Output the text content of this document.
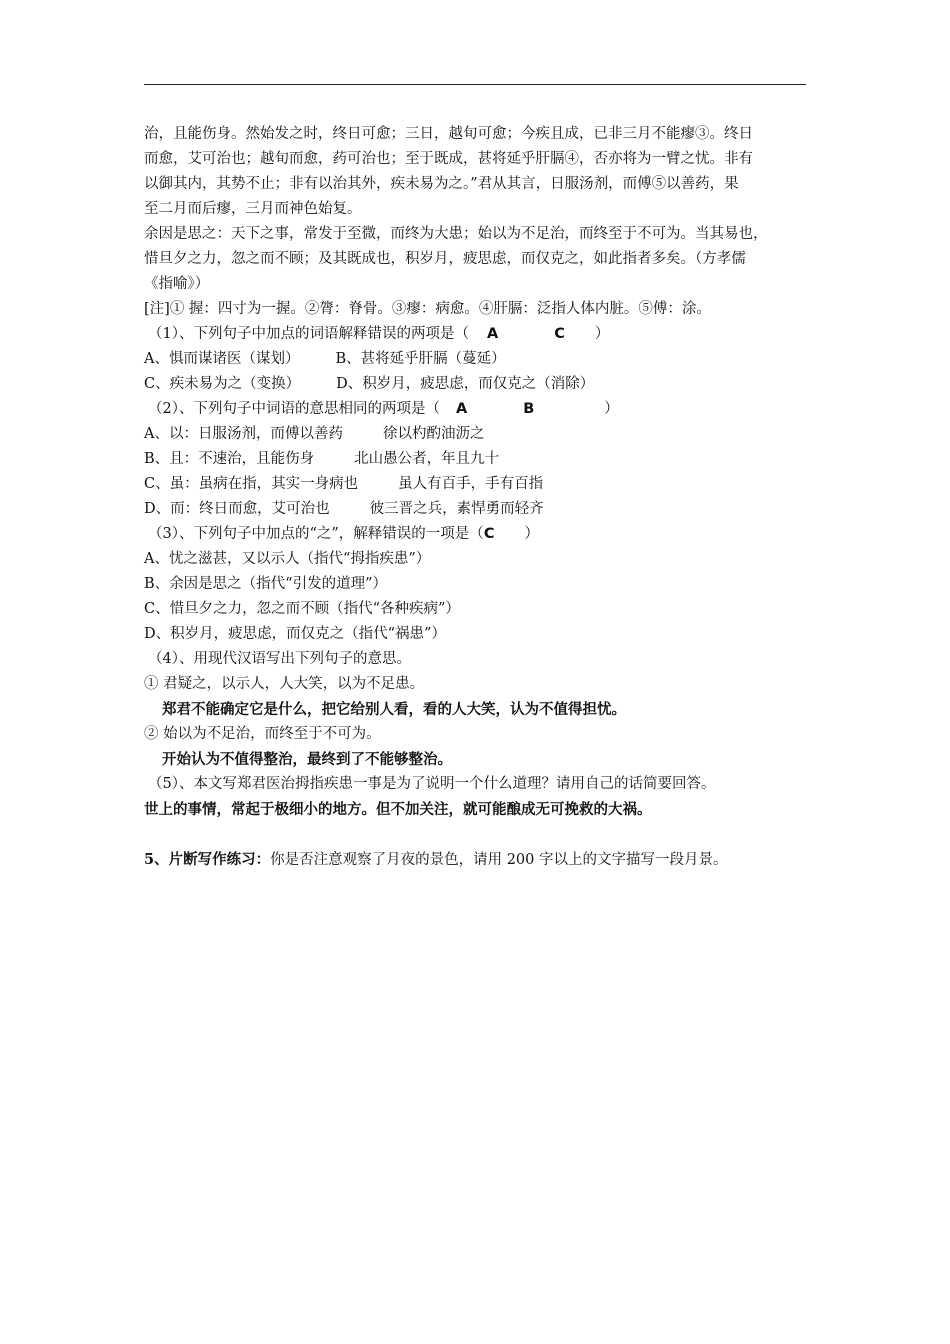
治，且能伤身。然始发之时，终日可愈；三日，越旬可愈；今疾且成，已非三月不能瘳③。终日
而愈，艾可治也；越旬而愈，药可治也；至于既成，甚将延乎肝膈④，否亦将为一臂之忧。非有
以御其内，其势不止；非有以治其外，疾未易为之。”君从其言，日服汤剂，而傅⑤以善药，果
至二月而后瘳，三月而神色始复。
余因是思之：天下之事，常发于至微，而终为大患；始以为不足治，而终至于不可为。当其易也，
惜旦夕之力，忽之而不顾；及其既成也，积岁月，疲思虑，而仅克之，如此指者多矣。（方孝儒
《指喻》）
[注]① 握：四寸为一握。②膂：脊骨。③瘳：病愈。④肝膈：泛指人体内脏。⑤傅：涂。
（1）、下列句子中加点的词语解释错误的两项是（ A	C ）
A、惧而谋诸医（谋划） B、甚将延乎肝膈（蔓延）
C、疾未易为之（变换） D、积岁月，疲思虑，而仅克之（消除）
（2）、下列句子中词语的意思相同的两项是（ A	B	）
A、以：日服汤剂，而傅以善药	徐以杓酌油沥之
B、且：不速治，且能伤身	北山愚公者，年且九十
C、虽：虽病在指，其实一身病也	虽人有百手，手有百指
D、而：终日而愈，艾可治也	彼三晋之兵，素悍勇而轻齐
（3）、下列句子中加点的“之”，解释错误的一项是（C ）
A、忧之滋甚，又以示人（指代“拇指疾患”）
B、余因是思之（指代“引发的道理”）
C、惜旦夕之力，忽之而不顾（指代“各种疾病”）
D、积岁月，疲思虑，而仅克之（指代“祸患”）
（4）、用现代汉语写出下列句子的意思。
① 君疑之，以示人，人大笑，以为不足患。
郑君不能确定它是什么，把它给别人看，看的人大笑，认为不值得担忧。
② 始以为不足治，而终至于不可为。
开始认为不值得整治，最终到了不能够整治。
（5）、本文写郑君医治拇指疾患一事是为了说明一个什么道理？请用自己的话简要回答。
世上的事情，常起于极细小的地方。但不加关注，就可能酿成无可挽救的大祸。
5、片断写作练习：你是否注意观察了月夜的景色，请用 200 字以上的文字描写一段月景。
